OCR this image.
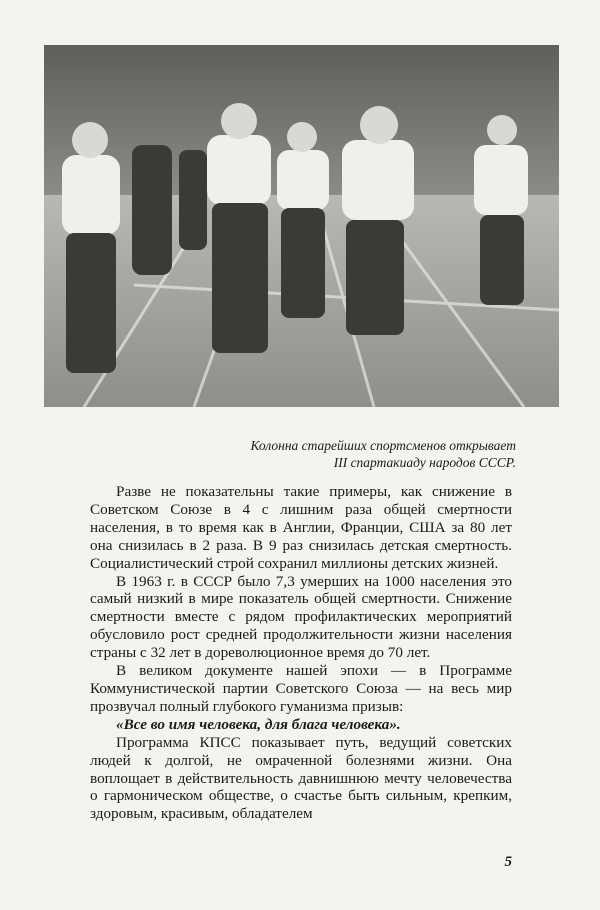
Колонна старейших спортсменов открывает
III спартакиаду народов СССР.

Разве не показательны такие примеры, как снижение в Советском Союзе в 4 с лишним раза общей смертности населения, в то время как в Англии, Франции, США за 80 лет она снизилась в 2 раза. В 9 раз снизилась детская смертность. Социалистический строй сохранил миллионы детских жизней.

В 1963 г. в СССР было 7,3 умерших на 1000 населения это самый низкий в мире показатель общей смертности. Снижение смертности вместе с рядом профилактических мероприятий обусловило рост средней продолжительности жизни населения страны с 32 лет в дореволюционное время до 70 лет.

В великом документе нашей эпохи — в Программе Коммунистической партии Советского Союза — на весь мир прозвучал полный глубокого гуманизма призыв:

«Все во имя человека, для блага человека».

Программа КПСС показывает путь, ведущий советских людей к долгой, не омраченной болезнями жизни. Она воплощает в действительность давнишнюю мечту человечества о гармоническом обществе, о счастье быть сильным, крепким, здоровым, красивым, обладателем

5
